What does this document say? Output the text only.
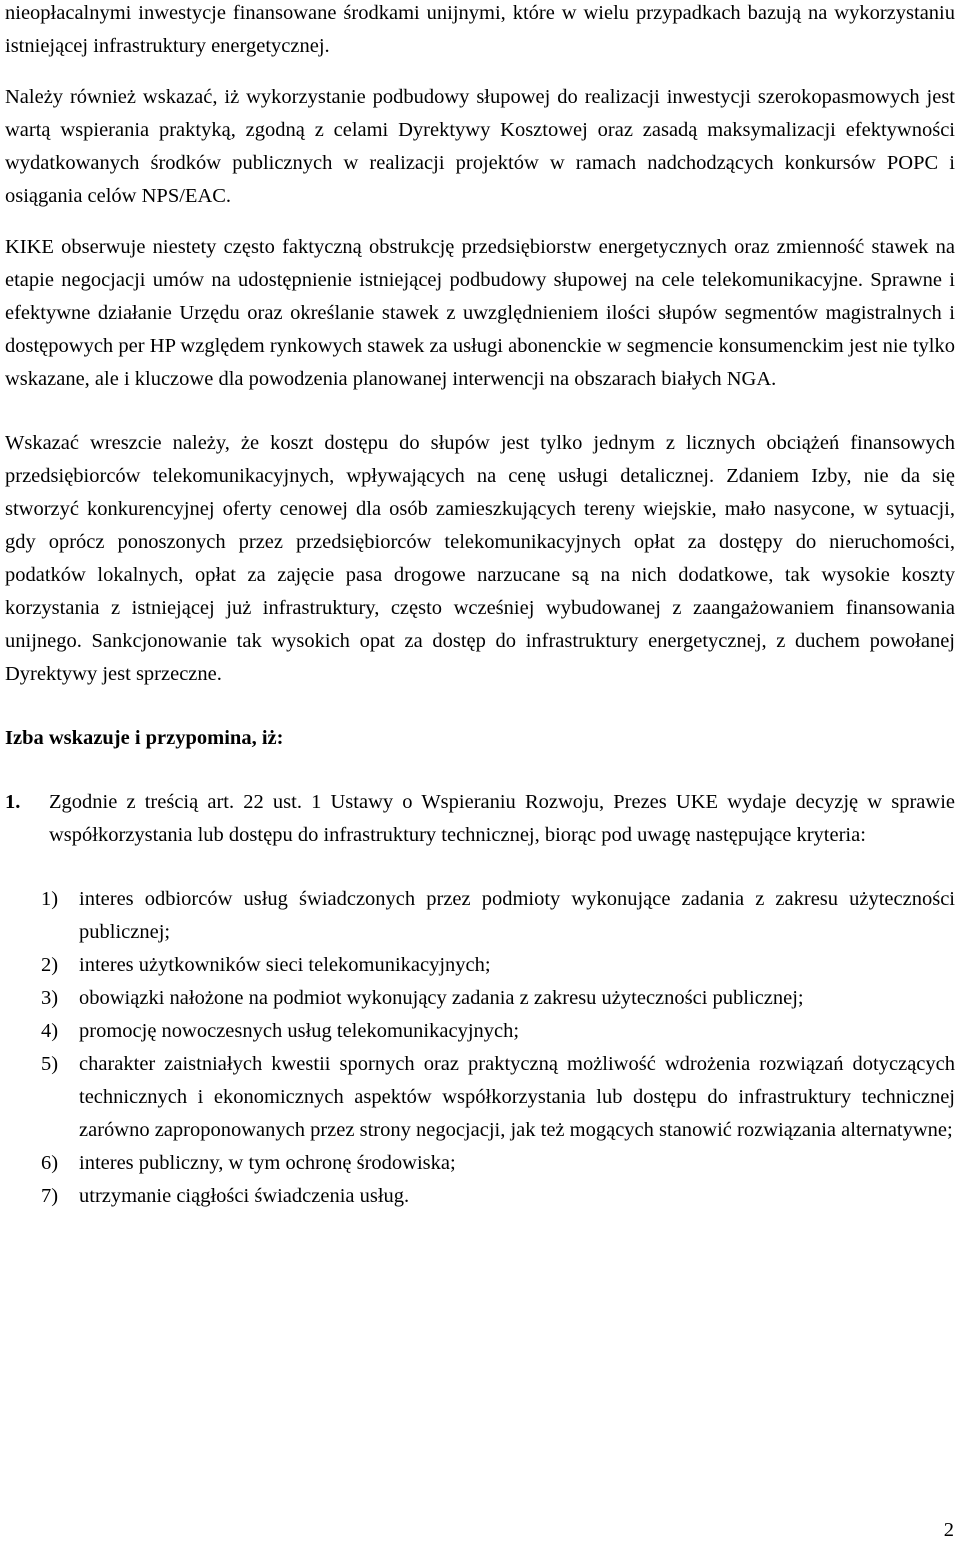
nieopłacalnymi inwestycje finansowane środkami unijnymi, które w wielu przypadkach bazują na wykorzystaniu istniejącej infrastruktury energetycznej.

Należy również wskazać, iż wykorzystanie podbudowy słupowej do realizacji inwestycji szerokopasmowych jest wartą wspierania praktyką, zgodną z celami Dyrektywy Kosztowej oraz zasadą maksymalizacji efektywności wydatkowanych środków publicznych w realizacji projektów w ramach nadchodzących konkursów POPC i osiągania celów NPS/EAC.

KIKE obserwuje niestety często faktyczną obstrukcję przedsiębiorstw energetycznych oraz zmienność stawek na etapie negocjacji umów na udostępnienie istniejącej podbudowy słupowej na cele telekomunikacyjne. Sprawne i efektywne działanie Urzędu oraz określanie stawek z uwzględnieniem ilości słupów segmentów magistralnych i dostępowych per HP względem rynkowych stawek za usługi abonenckie w segmencie konsumenckim jest nie tylko wskazane, ale i kluczowe dla powodzenia planowanej interwencji na obszarach białych NGA.

Wskazać wreszcie należy, że koszt dostępu do słupów jest tylko jednym z licznych obciążeń finansowych przedsiębiorców telekomunikacyjnych, wpływających na cenę usługi detalicznej. Zdaniem Izby, nie da się stworzyć konkurencyjnej oferty cenowej dla osób zamieszkujących tereny wiejskie, mało nasycone, w sytuacji, gdy oprócz ponoszonych przez przedsiębiorców telekomunikacyjnych opłat za dostępy do nieruchomości, podatków lokalnych, opłat za zajęcie pasa drogowe narzucane są na nich dodatkowe, tak wysokie koszty korzystania z istniejącej już infrastruktury, często wcześniej wybudowanej z zaangażowaniem finansowania unijnego. Sankcjonowanie tak wysokich opat za dostęp do infrastruktury energetycznej, z duchem powołanej Dyrektywy jest sprzeczne.

Izba wskazuje i przypomina, iż:

1.	Zgodnie z treścią art. 22 ust. 1 Ustawy o Wspieraniu Rozwoju, Prezes UKE wydaje decyzję w sprawie współkorzystania lub dostępu do infrastruktury technicznej, biorąc pod uwagę następujące kryteria:
1)	interes odbiorców usług świadczonych przez podmioty wykonujące zadania z zakresu użyteczności publicznej;
2)	interes użytkowników sieci telekomunikacyjnych;
3)	obowiązki nałożone na podmiot wykonujący zadania z zakresu użyteczności publicznej;
4)	promocję nowoczesnych usług telekomunikacyjnych;
5)	charakter zaistniałych kwestii spornych oraz praktyczną możliwość wdrożenia rozwiązań dotyczących technicznych i ekonomicznych aspektów współkorzystania lub dostępu do infrastruktury technicznej zarówno zaproponowanych przez strony negocjacji, jak też mogących stanowić rozwiązania alternatywne;
6)	interes publiczny, w tym ochronę środowiska;
7)	utrzymanie ciągłości świadczenia usług.
2
